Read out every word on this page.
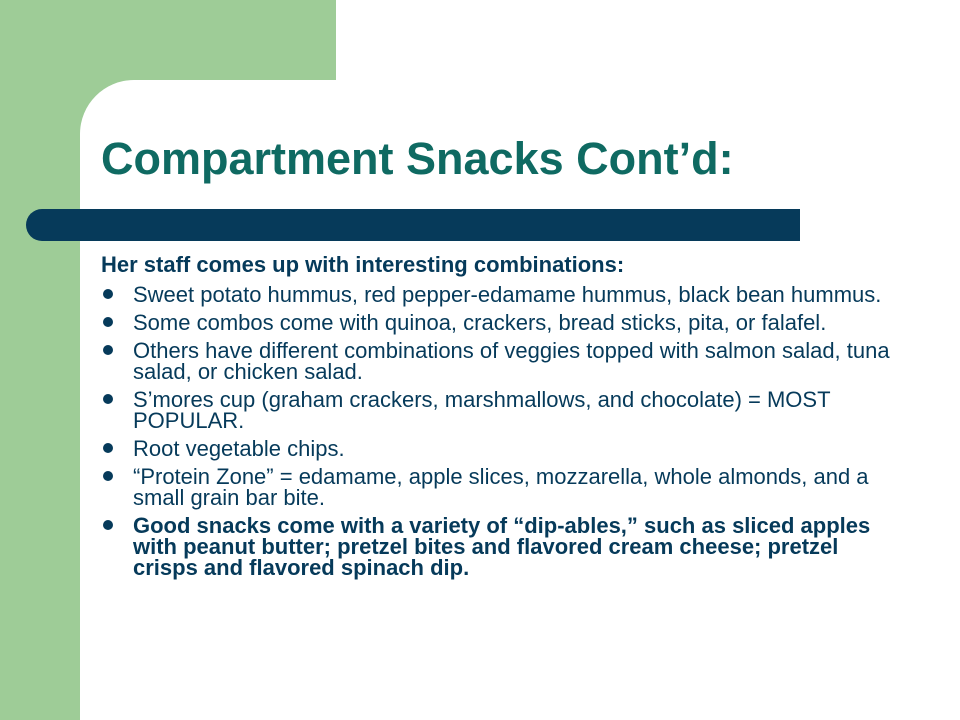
Compartment Snacks Cont’d:

Her staff comes up with interesting combinations:

Sweet potato hummus, red pepper-edamame hummus, black bean hummus.
Some combos come with quinoa, crackers, bread sticks, pita, or falafel.
Others have different combinations of veggies topped with salmon salad, tuna salad, or chicken salad.
S’mores cup (graham crackers, marshmallows, and chocolate) = MOST POPULAR.
Root vegetable chips.
“Protein Zone” = edamame, apple slices, mozzarella, whole almonds, and a small grain bar bite.
Good snacks come with a variety of “dip-ables,” such as sliced apples with peanut butter; pretzel bites and flavored cream cheese; pretzel crisps and flavored spinach dip.
